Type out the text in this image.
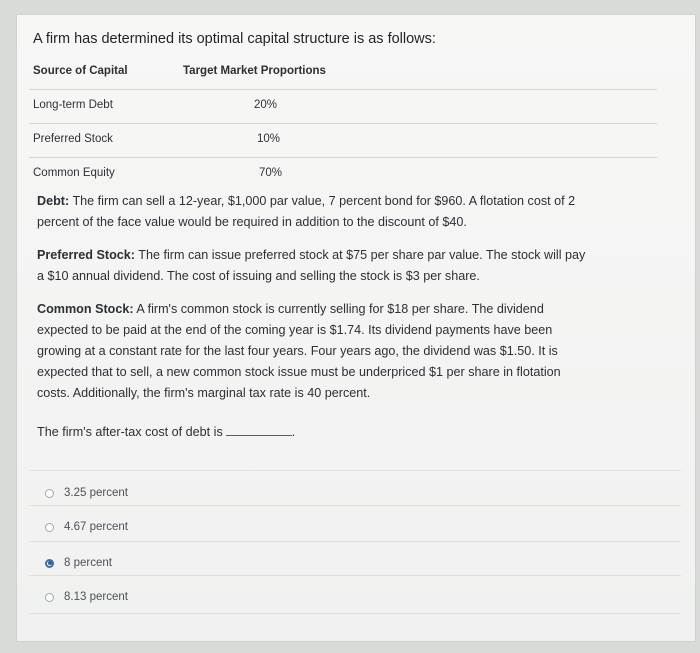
A firm has determined its optimal capital structure is as follows:
Source of Capital	Target Market Proportions
Long-term Debt	20%
Preferred Stock	10%
Common Equity	70%
Debt: The firm can sell a 12-year, $1,000 par value, 7 percent bond for $960. A flotation cost of 2
percent of the face value would be required in addition to the discount of $40.
Preferred Stock: The firm can issue preferred stock at $75 per share par value. The stock will pay
a $10 annual dividend. The cost of issuing and selling the stock is $3 per share.
Common Stock: A firm's common stock is currently selling for $18 per share. The dividend
expected to be paid at the end of the coming year is $1.74. Its dividend payments have been
growing at a constant rate for the last four years. Four years ago, the dividend was $1.50. It is
expected that to sell, a new common stock issue must be underpriced $1 per share in flotation
costs. Additionally, the firm's marginal tax rate is 40 percent.
The firm's after-tax cost of debt is	.
3.25 percent
4.67 percent
8 percent
8.13 percent
